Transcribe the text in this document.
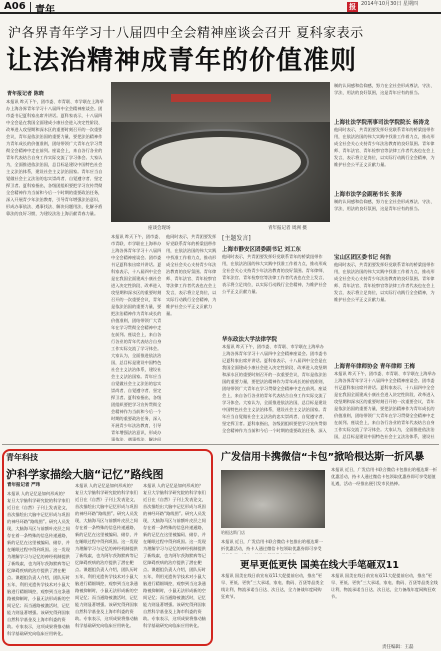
A06 青年	报	2014年10月30日 星期四
沪各界青年学习十八届四中全会精神座谈会召开 夏科家表示
让法治精神成青年的价值准则
青年报记者 陈晓
本报讯 昨天下午，团市委、市青联、市学联在上海举办上海各界青年学习十八届四中全会精神座谈会。团市委书记夏科家出席并讲话。夏科家表示，十八届四中全会是在我国全面建成小康社会进入决定性阶段、改革进入攻坚期和深水区的重要时刻召开的一次重要会议，青年是依法治国的重要力量，要把法治精神作为青年成长的价值准则，团结带领广大青年在学习贯彻全会精神中走在前列。座谈会上，来自各行各业的青年代表结合自身工作实际交流了学习体会。大家认为，全面推进依法治国，总目标是建设中国特色社会主义法治体系，建设社会主义法治国家。青年应当自觉做社会主义法治的忠实崇尚者、自觉遵守者、坚定捍卫者。夏科家指出，各级团组织要把学习宣传贯彻全会精神作为当前和今后一个时期的重要政治任务，深入开展青少年法治教育，引导青年增强法治意识，形成办事依法、遇事找法、解决问题用法、化解矛盾靠法的良好习惯，为建设法治上海贡献青春力量。
座谈会现场	青年报记者 周洲 摄
本报讯 昨天下午，团市委、市青联、市学联在上海举办上海各界青年学习十八届四中全会精神座谈会。团市委书记夏科家出席并讲话。夏科家表示，十八届四中全会是在我国全面建成小康社会进入决定性阶段、改革进入攻坚期和深水区的重要时刻召开的一次重要会议，青年是依法治国的重要力量，要把法治精神作为青年成长的价值准则，团结带领广大青年在学习贯彻全会精神中走在前列。座谈会上，来自各行各业的青年代表结合自身工作实际交流了学习体会。大家认为，全面推进依法治国，总目标是建设中国特色社会主义法治体系，建设社会主义法治国家。青年应当自觉做社会主义法治的忠实崇尚者、自觉遵守者、坚定捍卫者。夏科家指出，各级团组织要把学习宣传贯彻全会精神作为当前和今后一个时期的重要政治任务，深入开展青少年法治教育，引导青年增强法治意识，形成办事依法、遇事找法、解决问
他同时表示，共青团要发挥好党联系青年的桥梁纽带作用，在依法治国的伟大实践中找准工作着力点，推动形成全社会关心支持青少年法治教育的良好氛围。青年律师、青年法官、青年检察官等法律工作者代表也在会上发言，表示将立足岗位，以实际行动践行全会精神，为维护社会公平正义贡献力量。
[主题发言]
上海市静安区团委副书记 刘工东
他同时表示，共青团要发挥好党联系青年的桥梁纽带作用，在依法治国的伟大实践中找准工作着力点，推动形成全社会关心支持青少年法治教育的良好氛围。青年律师、青年法官、青年检察官等法律工作者代表也在会上发言，表示将立足岗位，以实际行动践行全会精神，为维护社会公平正义贡献力量。
华东政法大学法律学院
本报讯 昨天下午，团市委、市青联、市学联在上海举办上海各界青年学习十八届四中全会精神座谈会。团市委书记夏科家出席并讲话。夏科家表示，十八届四中全会是在我国全面建成小康社会进入决定性阶段、改革进入攻坚期和深水区的重要时刻召开的一次重要会议，青年是依法治国的重要力量，要把法治精神作为青年成长的价值准则，团结带领广大青年在学习贯彻全会精神中走在前列。座谈会上，来自各行各业的青年代表结合自身工作实际交流了学习体会。大家认为，全面推进依法治国，总目标是建设中国特色社会主义法治体系，建设社会主义法治国家。青年应当自觉做社会主义法治的忠实崇尚者、自觉遵守者、坚定捍卫者。夏科家指出，各级团组织要把学习宣传贯彻全会精神作为当前和今后一个时期的重要政治任务，深入
制的认同感和信仰感，努力在全社会形成尊法、守法、学法、用法的良好氛围，这是青年应有的担当。
上海社法学院刑事司法学院院长 杨涛龙
他同时表示，共青团要发挥好党联系青年的桥梁纽带作用，在依法治国的伟大实践中找准工作着力点，推动形成全社会关心支持青少年法治教育的良好氛围。青年律师、青年法官、青年检察官等法律工作者代表也在会上发言，表示将立足岗位，以实际行动践行全会精神，为维护社会公平正义贡献力量。
上海市法学会副秘书长 张涛
制的认同感和信仰感，努力在全社会形成尊法、守法、学法、用法的良好氛围，这是青年应有的担当。
宝山区团区委书记 何浩
他同时表示，共青团要发挥好党联系青年的桥梁纽带作用，在依法治国的伟大实践中找准工作着力点，推动形成全社会关心支持青少年法治教育的良好氛围。青年律师、青年法官、青年检察官等法律工作者代表也在会上发言，表示将立足岗位，以实际行动践行全会精神，为维护社会公平正义贡献力量。
上海青年律师协会 青年律师 王梅
本报讯 昨天下午，团市委、市青联、市学联在上海举办上海各界青年学习十八届四中全会精神座谈会。团市委书记夏科家出席并讲话。夏科家表示，十八届四中全会是在我国全面建成小康社会进入决定性阶段、改革进入攻坚期和深水区的重要时刻召开的一次重要会议，青年是依法治国的重要力量，要把法治精神作为青年成长的价值准则，团结带领广大青年在学习贯彻全会精神中走在前列。座谈会上，来自各行各业的青年代表结合自身工作实际交流了学习体会。大家认为，全面推进依法治国，总目标是建设中国特色社会主义法治体系，建设社
青年科技
沪科学家描绘大脑“记忆”路线图
青年报记者 严玮
本报讯 人的记忆是如何形成的？复旦大学脑科学研究院的科学家们近日在《自然》子刊上发表论文，首次描绘出大脑中记忆形成与巩固的神经环路“路线图”。研究人员发现，大脑海马区与前额叶皮层之间存在着一条特殊的信息传递通路，新的记忆在这里被编码、储存，并在睡眠过程中得到巩固。这一发现为理解学习与记忆的神经机制提供了新线索，也为阿尔茨海默病等记忆障碍疾病的治疗提供了潜在靶点。课题组负责人介绍，团队历时五年，利用光遗传学技术对小鼠大脑进行精细调控，观察到当这条通路被抑制时，小鼠无法形成新的空间记忆；而当通路被激活时，记忆能力则显著增强。该研究得到国家自然科学基金及上海市科委的资助。专家表示，这项成果将推动脑科学基础研究向临床应用转化。
本报讯 人的记忆是如何形成的？复旦大学脑科学研究院的科学家们近日在《自然》子刊上发表论文，首次描绘出大脑中记忆形成与巩固的神经环路“路线图”。研究人员发现，大脑海马区与前额叶皮层之间存在着一条特殊的信息传递通路，新的记忆在这里被编码、储存，并在睡眠过程中得到巩固。这一发现为理解学习与记忆的神经机制提供了新线索，也为阿尔茨海默病等记忆障碍疾病的治疗提供了潜在靶点。课题组负责人介绍，团队历时五年，利用光遗传学技术对小鼠大脑进行精细调控，观察到当这条通路被抑制时，小鼠无法形成新的空间记忆；而当通路被激活时，记忆能力则显著增强。该研究得到国家自然科学基金及上海市科委的资助。专家表示，这项成果将推动脑科学基础研究向临床应用转化。
本报讯 人的记忆是如何形成的？复旦大学脑科学研究院的科学家们近日在《自然》子刊上发表论文，首次描绘出大脑中记忆形成与巩固的神经环路“路线图”。研究人员发现，大脑海马区与前额叶皮层之间存在着一条特殊的信息传递通路，新的记忆在这里被编码、储存，并在睡眠过程中得到巩固。这一发现为理解学习与记忆的神经机制提供了新线索，也为阿尔茨海默病等记忆障碍疾病的治疗提供了潜在靶点。课题组负责人介绍，团队历时五年，利用光遗传学技术对小鼠大脑进行精细调控，观察到当这条通路被抑制时，小鼠无法形成新的空间记忆；而当通路被激活时，记忆能力则显著增强。该研究得到国家自然科学基金及上海市科委的资助。专家表示，这项成果将推动脑科学基础研究向临床应用转化。
广发信用卡携微信“卡包”掀哈根达斯一折风暴
哈根达斯门店
本报讯 近日，广发信用卡联合微信卡包推出哈根达斯一折优惠活动，持卡人通过微信卡包领取优惠券即可享受
本报讯 近日，广发信用卡联合微信卡包推出哈根达斯一折优惠活动，持卡人通过微信卡包领取优惠券即可享受超值礼遇，活动一经推出便引发市民热捧。
更早更低更快 国美在线大手笔砸双11
本报讯 国美在线日前宣布双11大促提前启动，推出“更早、更低、更快”三大承诺，家电、数码、百货等品类全线让利，物流承诺当日达、次日达，全力备战年度网购狂欢节。
本报讯 国美在线日前宣布双11大促提前启动，推出“更早、更低、更快”三大承诺，家电、数码、百货等品类全线让利，物流承诺当日达、次日达，全力备战年度网购狂欢节。
责任编辑：王磊
